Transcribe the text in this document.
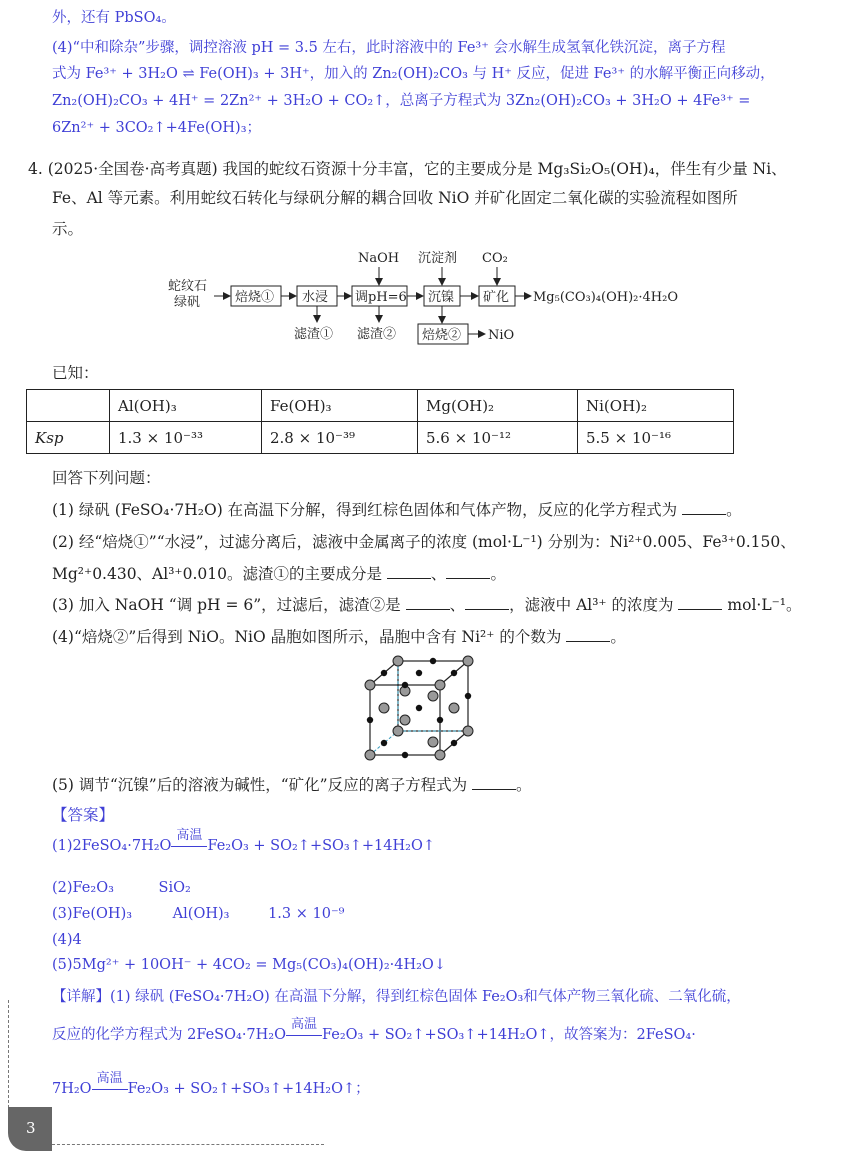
外，还有 PbSO₄。
(4)“中和除杂”步骤，调控溶液 pH = 3.5 左右，此时溶液中的 Fe³⁺ 会水解生成氢氧化铁沉淀，离子方程
式为 Fe³⁺ + 3H₂O ⇌ Fe(OH)₃ + 3H⁺，加入的 Zn₂(OH)₂CO₃ 与 H⁺ 反应，促进 Fe³⁺ 的水解平衡正向移动，
Zn₂(OH)₂CO₃ + 4H⁺ = 2Zn²⁺ + 3H₂O + CO₂↑，总离子方程式为 3Zn₂(OH)₂CO₃ + 3H₂O + 4Fe³⁺ =
6Zn²⁺ + 3CO₂↑+4Fe(OH)₃；
4. (2025·全国卷·高考真题) 我国的蛇纹石资源十分丰富，它的主要成分是 Mg₃Si₂O₅(OH)₄，伴生有少量 Ni、
Fe、Al 等元素。利用蛇纹石转化与绿矾分解的耦合回收 NiO 并矿化固定二氧化碳的实验流程如图所
示。
蛇纹石
绿矾	焙烧① 水浸 调pH=6 沉镍 矿化 Mg₅(CO₃)₄(OH)₂·4H₂O
NaOH 沉淀剂 CO₂
滤渣① 滤渣② 焙烧② NiO
已知：
	Al(OH)₃	Fe(OH)₃	Mg(OH)₂	Ni(OH)₂
Ksp	1.3 × 10⁻³³	2.8 × 10⁻³⁹	5.6 × 10⁻¹²	5.5 × 10⁻¹⁶
回答下列问题：
(1) 绿矾 (FeSO₄·7H₂O) 在高温下分解，得到红棕色固体和气体产物，反应的化学方程式为	。
(2) 经“焙烧①”“水浸”，过滤分离后，滤液中金属离子的浓度 (mol·L⁻¹) 分别为：Ni²⁺0.005、Fe³⁺0.150、
Mg²⁺0.430、Al³⁺0.010。滤渣①的主要成分是	、	。
(3) 加入 NaOH “调 pH = 6”，过滤后，滤渣②是	、	，滤液中 Al³⁺ 的浓度为	mol·L⁻¹。
(4)“焙烧②”后得到 NiO。NiO 晶胞如图所示，晶胞中含有 Ni²⁺ 的个数为	。
(5) 调节“沉镍”后的溶液为碱性，“矿化”反应的离子方程式为	。
【答案】
(1)2FeSO₄·7H₂O
高温
Fe₂O₃ + SO₂↑+SO₃↑+14H₂O↑
(2)Fe₂O₃	SiO₂
(3)Fe(OH)₃	Al(OH)₃	1.3 × 10⁻⁹
(4)4
(5)5Mg²⁺ + 10OH⁻ + 4CO₂ = Mg₅(CO₃)₄(OH)₂·4H₂O↓
【详解】(1) 绿矾 (FeSO₄·7H₂O) 在高温下分解，得到红棕色固体 Fe₂O₃和气体产物三氧化硫、二氧化硫，
反应的化学方程式为 2FeSO₄·7H₂O
高温
Fe₂O₃ + SO₂↑+SO₃↑+14H₂O↑，故答案为：2FeSO₄·
7H₂O
高温
Fe₂O₃ + SO₂↑+SO₃↑+14H₂O↑；
3
